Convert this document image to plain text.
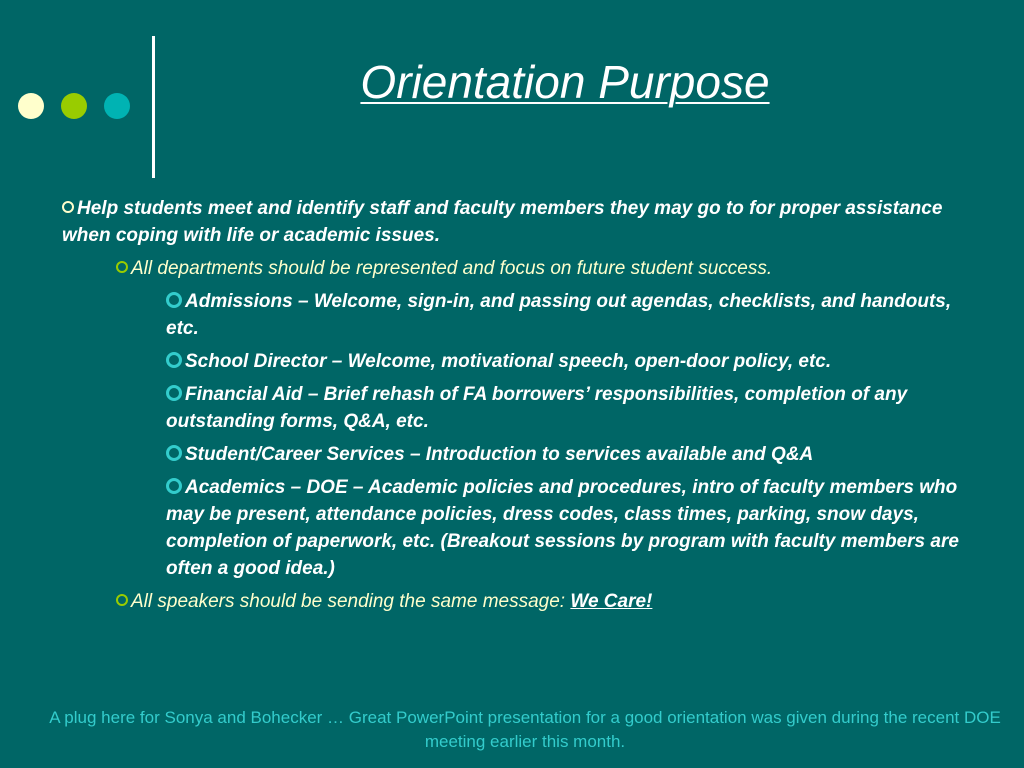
Orientation Purpose
Help students meet and identify staff and faculty members they may go to for proper assistance when coping with life or academic issues.
All departments should be represented and focus on future student success.
Admissions – Welcome, sign-in, and passing out agendas, checklists, and handouts, etc.
School Director – Welcome, motivational speech, open-door policy, etc.
Financial Aid – Brief rehash of FA borrowers’ responsibilities, completion of any outstanding forms, Q&A, etc.
Student/Career Services – Introduction to services available and Q&A
Academics – DOE – Academic policies and procedures, intro of faculty members who may be present, attendance policies, dress codes, class times, parking, snow days, completion of paperwork, etc. (Breakout sessions by program with faculty members are often a good idea.)
All speakers should be sending the same message: We Care!
A plug here for Sonya and Bohecker … Great PowerPoint presentation for a good orientation was given during the recent DOE meeting earlier this month.
